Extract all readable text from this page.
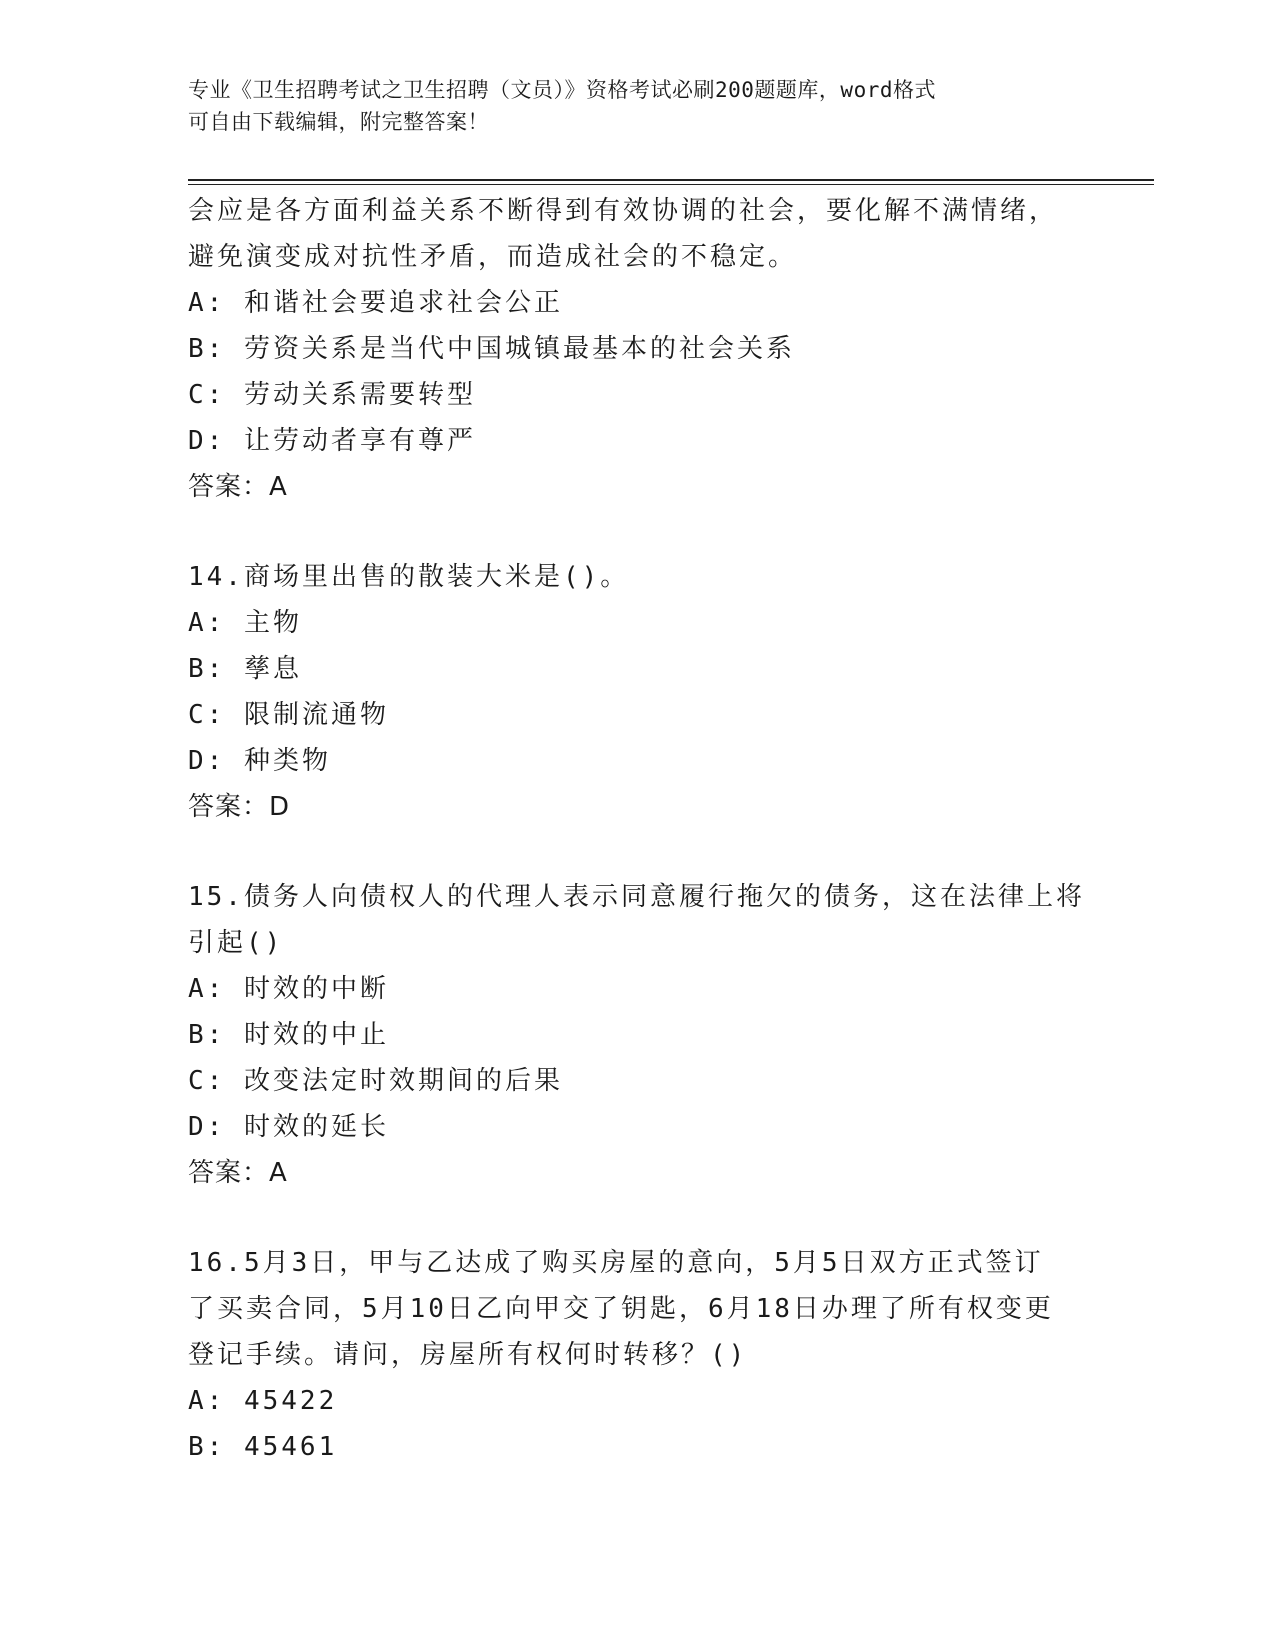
专业《卫生招聘考试之卫生招聘（文员）》资格考试必刷200题题库，word格式
可自由下载编辑，附完整答案！
会应是各方面利益关系不断得到有效协调的社会，要化解不满情绪，
避免演变成对抗性矛盾，而造成社会的不稳定。
A: 和谐社会要追求社会公正
B: 劳资关系是当代中国城镇最基本的社会关系
C: 劳动关系需要转型
D: 让劳动者享有尊严
答案：A
14.商场里出售的散装大米是()。
A: 主物
B: 孳息
C: 限制流通物
D: 种类物
答案：D
15.债务人向债权人的代理人表示同意履行拖欠的债务，这在法律上将
引起()
A: 时效的中断
B: 时效的中止
C: 改变法定时效期间的后果
D: 时效的延长
答案：A
16.5月3日，甲与乙达成了购买房屋的意向，5月5日双方正式签订
了买卖合同，5月10日乙向甲交了钥匙，6月18日办理了所有权变更
登记手续。请问，房屋所有权何时转移？()
A: 45422
B: 45461
